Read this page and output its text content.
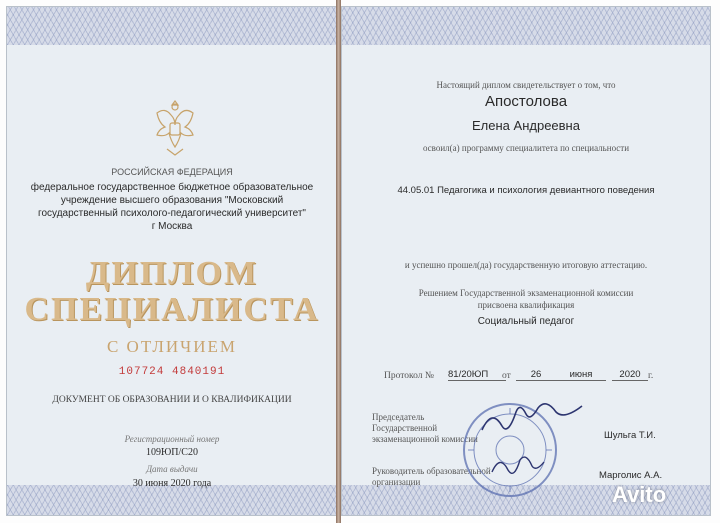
РОССИЙСКАЯ ФЕДЕРАЦИЯ
федеральное государственное бюджетное образовательное
учреждение высшего образования "Московский
государственный психолого-педагогический университет"
г Москва
ДИПЛОМ
СПЕЦИАЛИСТА
С ОТЛИЧИЕМ
107724 4840191
ДОКУМЕНТ ОБ ОБРАЗОВАНИИ И О КВАЛИФИКАЦИИ
Регистрационный номер
109ЮП/С20
Дата выдачи
30 июня 2020 года
Настоящий диплом свидетельствует о том, что
Апостолова
Елена Андреевна
освоил(а) программу специалитета по специальности
44.05.01 Педагогика и психология девиантного поведения
и успешно прошел(да) государственную итоговую аттестацию.
Решением Государственной экзаменационной комиссии
присвоена квалификация
Социальный педагог
Протокол № 81/20ЮП	от	26	июня	2020 г.
Председатель
Государственной
экзаменационной комиссии	Шульга Т.И.
Руководитель образовательной
организации
Марголис А.А.
Avito
